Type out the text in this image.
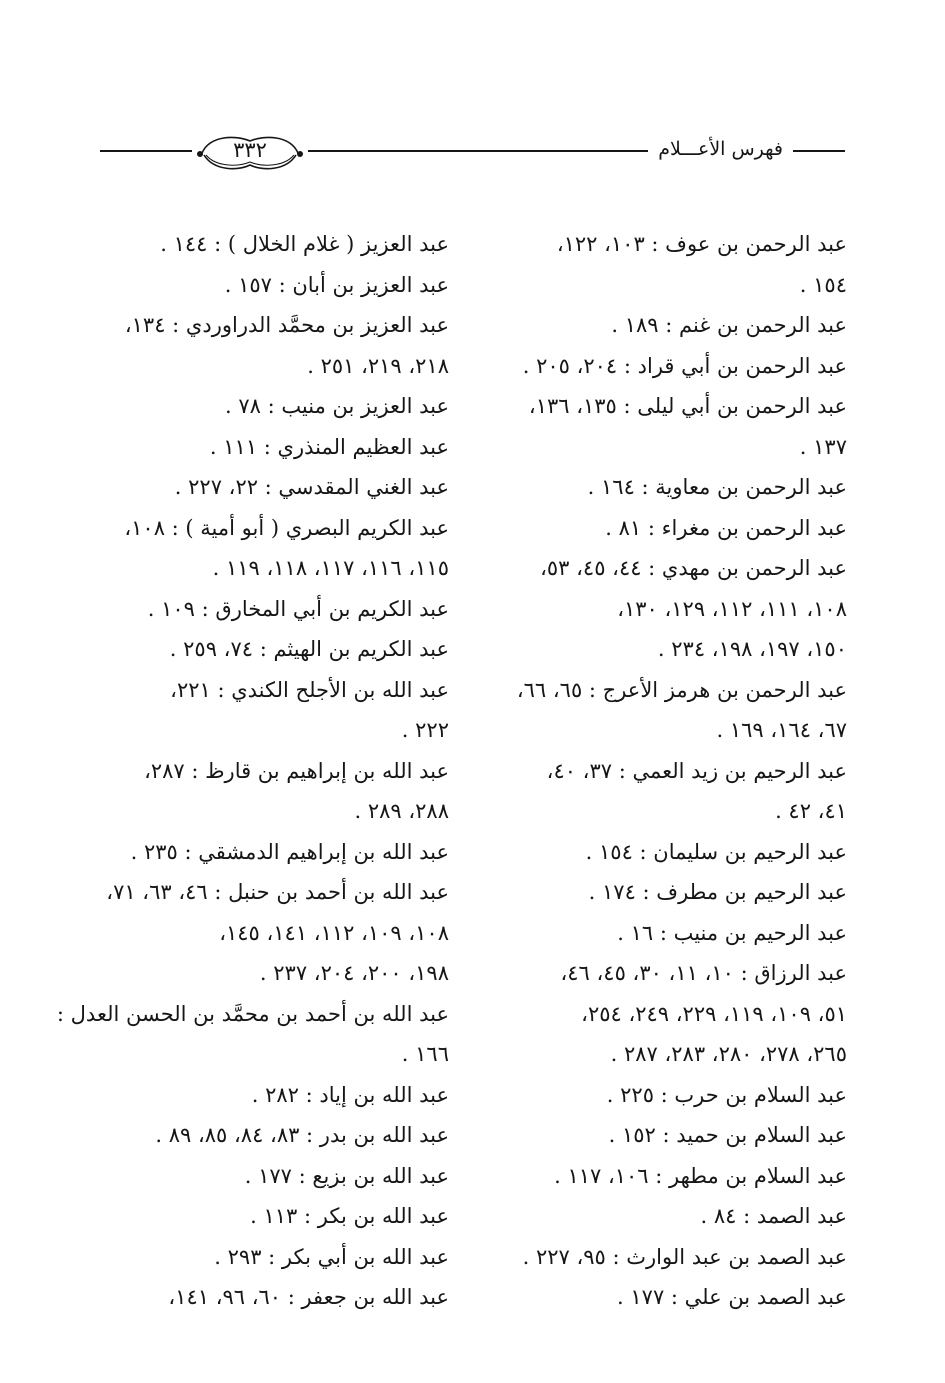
فهرس الأعـــلام
٣٣٢
عبد الرحمن بن عوف : ١٠٣، ١٢٢،
١٥٤ .
عبد الرحمن بن غنم : ١٨٩ .
عبد الرحمن بن أبي قراد : ٢٠٤، ٢٠٥ .
عبد الرحمن بن أبي ليلى : ١٣٥، ١٣٦،
١٣٧ .
عبد الرحمن بن معاوية : ١٦٤ .
عبد الرحمن بن مغراء : ٨١ .
عبد الرحمن بن مهدي : ٤٤، ٤٥، ٥٣،
١٠٨، ١١١، ١١٢، ١٢٩، ١٣٠،
١٥٠، ١٩٧، ١٩٨، ٢٣٤ .
عبد الرحمن بن هرمز الأعرج : ٦٥، ٦٦،
٦٧، ١٦٤، ١٦٩ .
عبد الرحيم بن زيد العمي : ٣٧، ٤٠،
٤١، ٤٢ .
عبد الرحيم بن سليمان : ١٥٤ .
عبد الرحيم بن مطرف : ١٧٤ .
عبد الرحيم بن منيب : ١٦ .
عبد الرزاق : ١٠، ١١، ٣٠، ٤٥، ٤٦،
٥١، ١٠٩، ١١٩، ٢٢٩، ٢٤٩، ٢٥٤،
٢٦٥، ٢٧٨، ٢٨٠، ٢٨٣، ٢٨٧ .
عبد السلام بن حرب : ٢٢٥ .
عبد السلام بن حميد : ١٥٢ .
عبد السلام بن مطهر : ١٠٦، ١١٧ .
عبد الصمد : ٨٤ .
عبد الصمد بن عبد الوارث : ٩٥، ٢٢٧ .
عبد الصمد بن علي : ١٧٧ .
عبد العزيز ( غلام الخلال ) : ١٤٤ .
عبد العزيز بن أبان : ١٥٧ .
عبد العزيز بن محمَّد الدراوردي : ١٣٤،
٢١٨، ٢١٩، ٢٥١ .
عبد العزيز بن منيب : ٧٨ .
عبد العظيم المنذري : ١١١ .
عبد الغني المقدسي : ٢٢، ٢٢٧ .
عبد الكريم البصري ( أبو أمية ) : ١٠٨،
١١٥، ١١٦، ١١٧، ١١٨، ١١٩ .
عبد الكريم بن أبي المخارق : ١٠٩ .
عبد الكريم بن الهيثم : ٧٤، ٢٥٩ .
عبد الله بن الأجلح الكندي : ٢٢١،
٢٢٢ .
عبد الله بن إبراهيم بن قارظ : ٢٨٧،
٢٨٨، ٢٨٩ .
عبد الله بن إبراهيم الدمشقي : ٢٣٥ .
عبد الله بن أحمد بن حنبل : ٤٦، ٦٣، ٧١،
١٠٨، ١٠٩، ١١٢، ١٤١، ١٤٥،
١٩٨، ٢٠٠، ٢٠٤، ٢٣٧ .
عبد الله بن أحمد بن محمَّد بن الحسن العدل :
١٦٦ .
عبد الله بن إياد : ٢٨٢ .
عبد الله بن بدر : ٨٣، ٨٤، ٨٥، ٨٩ .
عبد الله بن بزيع : ١٧٧ .
عبد الله بن بكر : ١١٣ .
عبد الله بن أبي بكر : ٢٩٣ .
عبد الله بن جعفر : ٦٠، ٩٦، ١٤١،
